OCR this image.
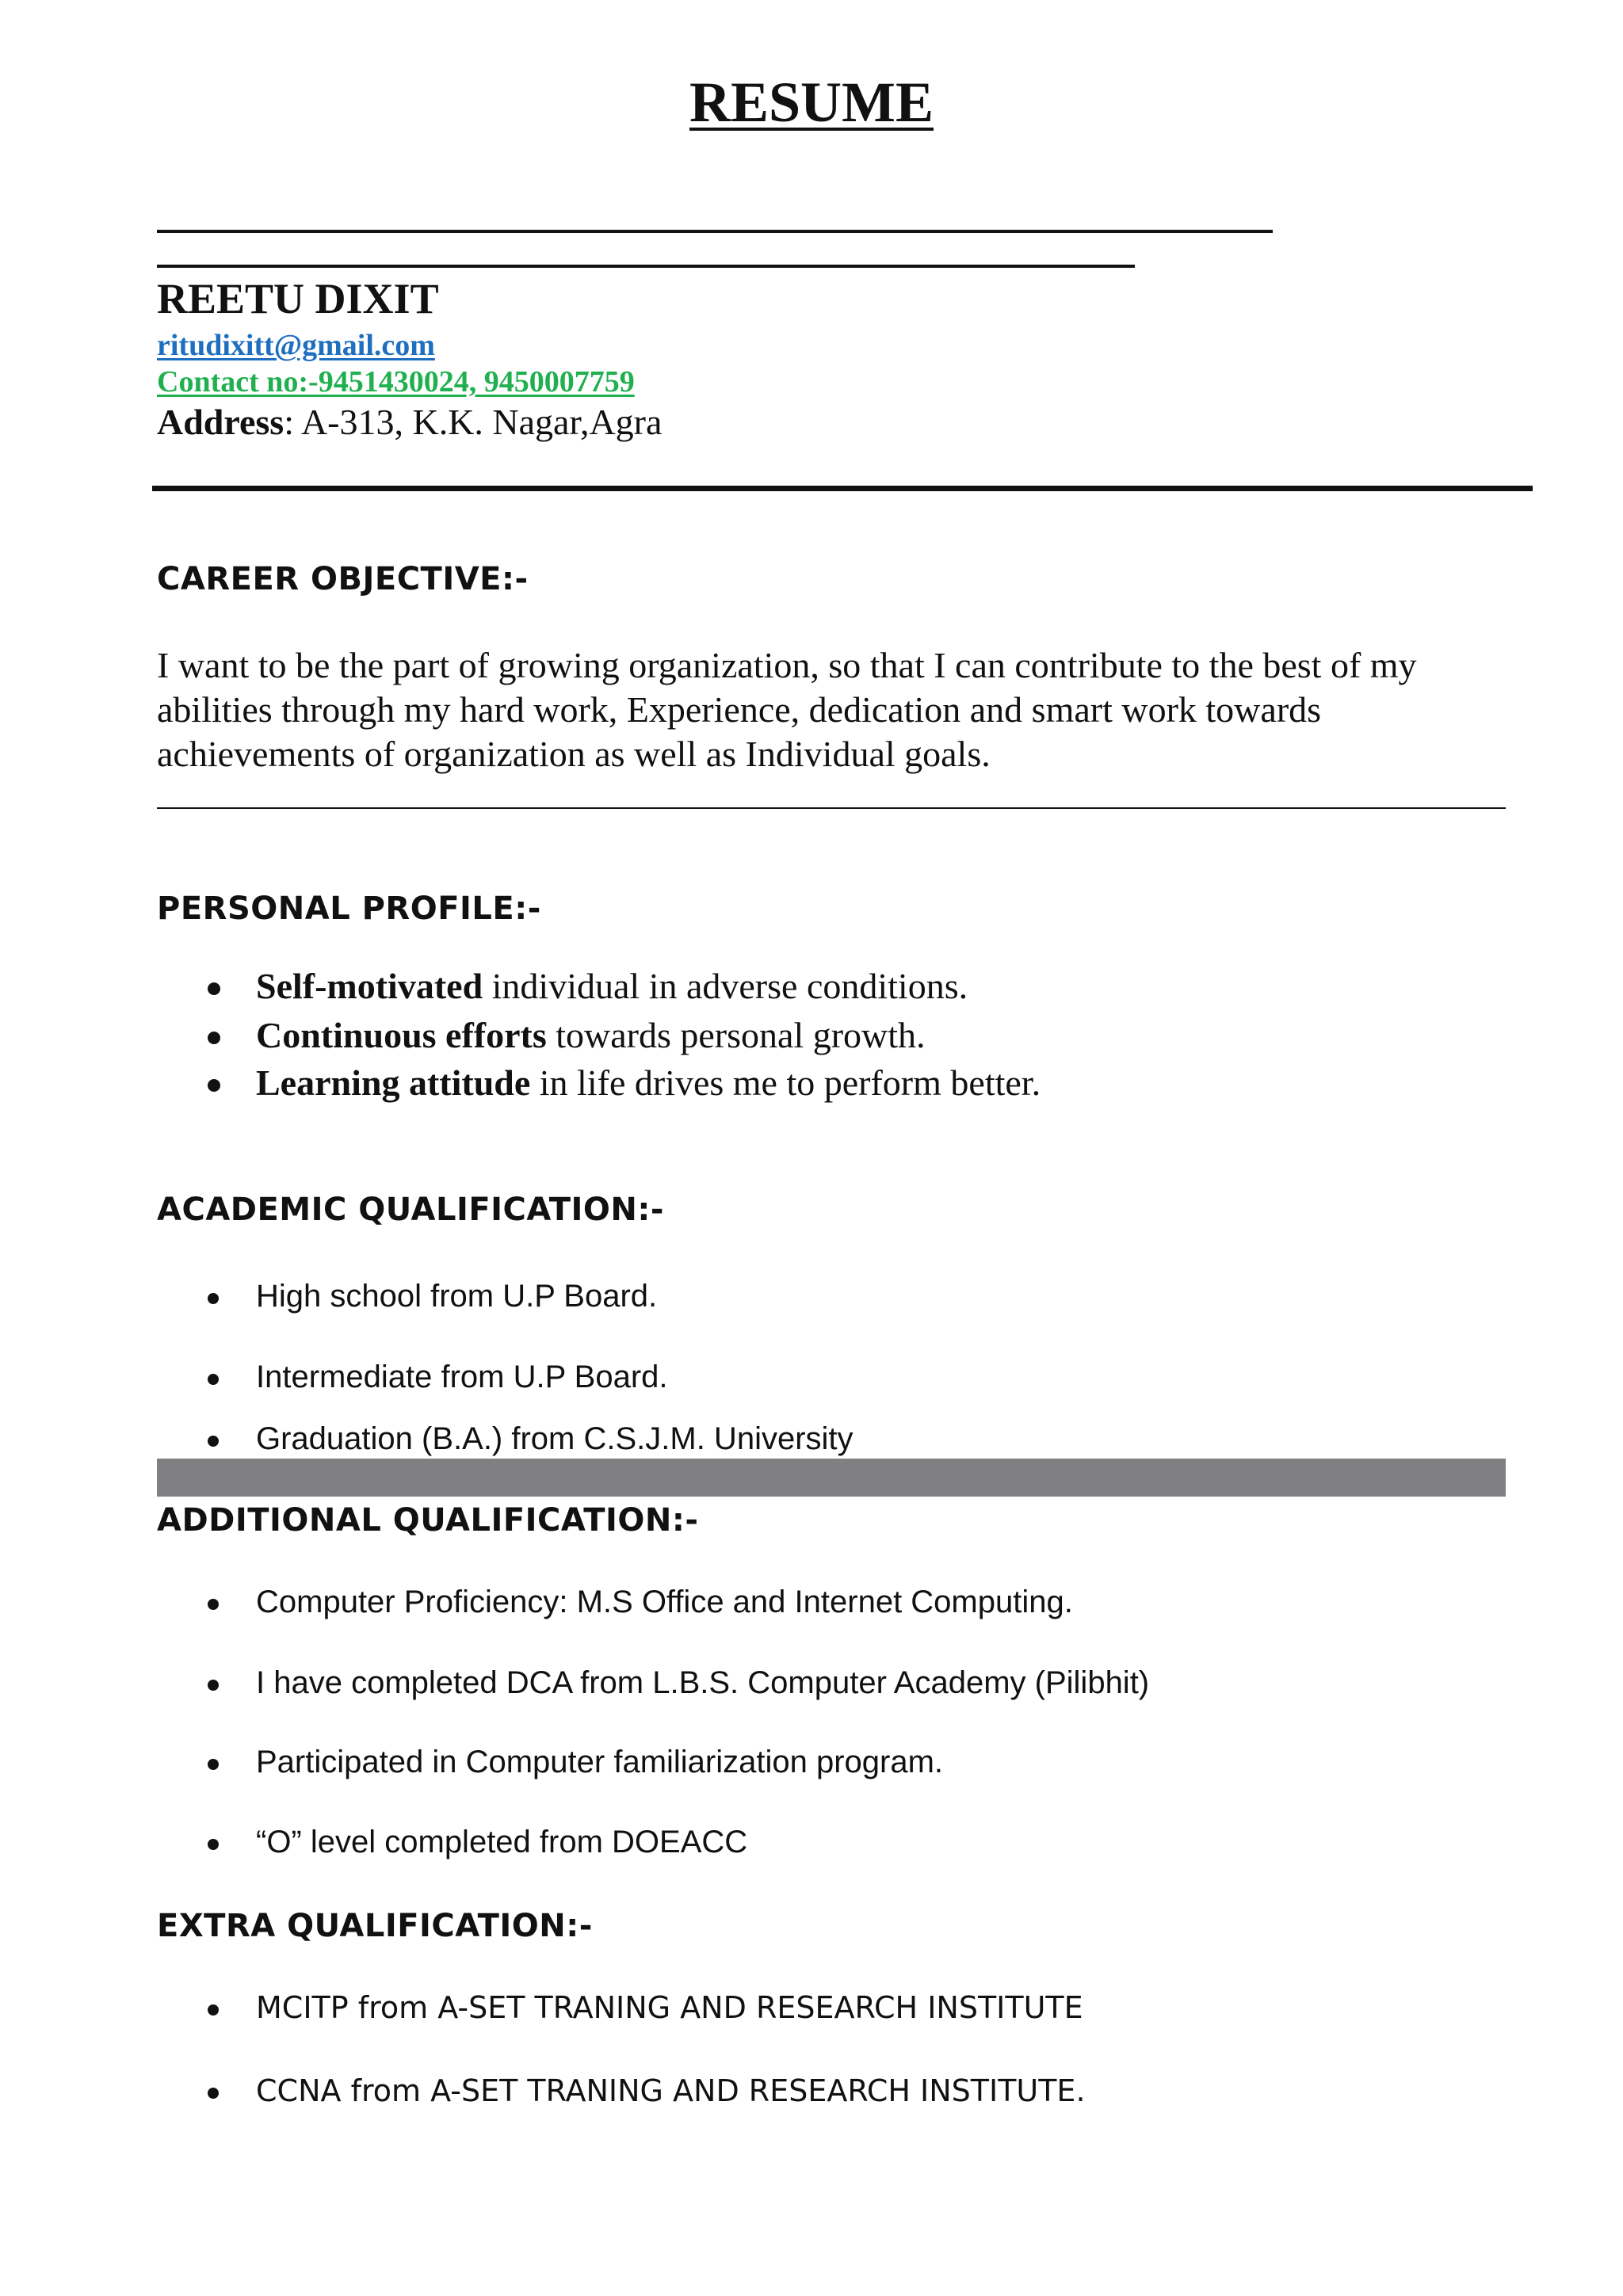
RESUME
REETU DIXIT
ritudixitt@gmail.com
Contact no:-9451430024, 9450007759
Address: A-313, K.K. Nagar,Agra
CAREER OBJECTIVE:-
I want to be the part of growing organization, so that I can contribute to the best of my abilities through my hard work, Experience, dedication and smart work towards achievements of organization as well as Individual goals.
PERSONAL PROFILE:-
Self-motivated individual in adverse conditions.
Continuous efforts towards personal growth.
Learning attitude in life drives me to perform better.
ACADEMIC QUALIFICATION:-
High school from U.P Board.
Intermediate from U.P Board.
Graduation (B.A.) from C.S.J.M. University
ADDITIONAL QUALIFICATION:-
Computer Proficiency: M.S Office and Internet Computing.
I have completed DCA from L.B.S. Computer Academy (Pilibhit)
Participated in Computer familiarization program.
“O” level completed from DOEACC
EXTRA QUALIFICATION:-
MCITP from A-SET TRANING AND RESEARCH INSTITUTE
CCNA from A-SET TRANING AND RESEARCH INSTITUTE.
